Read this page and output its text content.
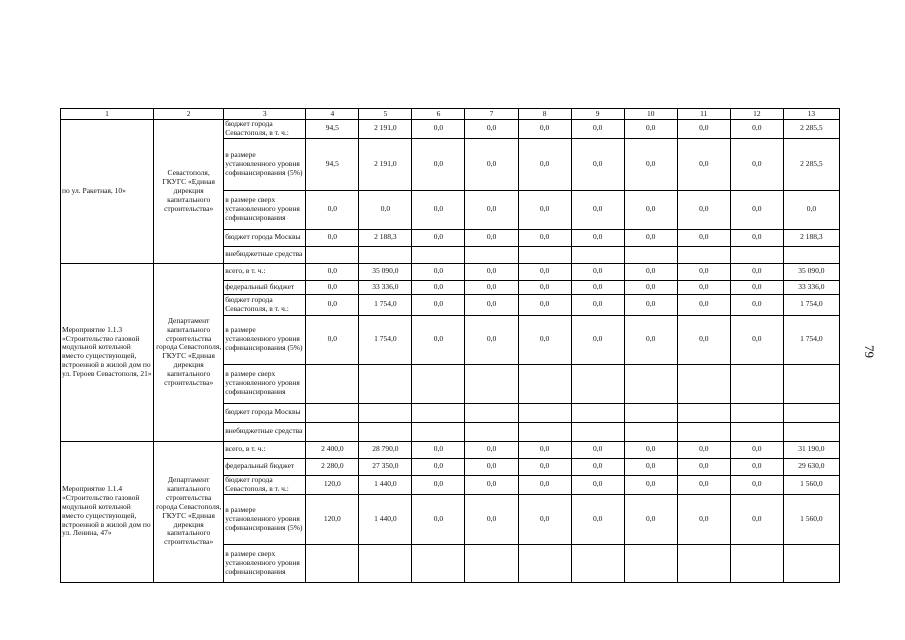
79
1	2	3	4	5	6	7	8	9	10	11	12	13
по ул. Ракетная, 10»	Севастополя, ГКУГС «Единая дирекция капитального строительства»	бюджет города Севастополя, в т. ч.:	94,5	2 191,0	0,0	0,0	0,0	0,0	0,0	0,0	0,0	2 285,5
		в размере установленного уровня софинансирования (5%)	94,5	2 191,0	0,0	0,0	0,0	0,0	0,0	0,0	0,0	2 285,5
		в размере сверх установленного уровня софинансирования	0,0	0,0	0,0	0,0	0,0	0,0	0,0	0,0	0,0	0,0
		бюджет города Москвы	0,0	2 188,3	0,0	0,0	0,0	0,0	0,0	0,0	0,0	2 188,3
		внебюджетные средства										
Мероприятие 1.1.3 «Строительство газовой модульной котельной вместо существующей, встроенной в жилой дом по ул. Героев Севастополя, 21»	Департамент капитального строительства города Севастополя, ГКУГС «Единая дирекция капитального строительства»	всего, в т. ч.:	0,0	35 090,0	0,0	0,0	0,0	0,0	0,0	0,0	0,0	35 090,0
		федеральный бюджет	0,0	33 336,0	0,0	0,0	0,0	0,0	0,0	0,0	0,0	33 336,0
		бюджет города Севастополя, в т. ч.:	0,0	1 754,0	0,0	0,0	0,0	0,0	0,0	0,0	0,0	1 754,0
		в размере установленного уровня софинансирования (5%)	0,0	1 754,0	0,0	0,0	0,0	0,0	0,0	0,0	0,0	1 754,0
		в размере сверх установленного уровня софинансирования										
		бюджет города Москвы										
		внебюджетные средства										
Мероприятие 1.1.4 «Строительство газовой модульной котельной вместо существующей, встроенной в жилой дом по ул. Ленина, 47»	Департамент капитального строительства города Севастополя, ГКУГС «Единая дирекция капитального строительства»	всего, в т. ч.:	2 400,0	28 790,0	0,0	0,0	0,0	0,0	0,0	0,0	0,0	31 190,0
		федеральный бюджет	2 280,0	27 350,0	0,0	0,0	0,0	0,0	0,0	0,0	0,0	29 630,0
		бюджет города Севастополя, в т. ч.:	120,0	1 440,0	0,0	0,0	0,0	0,0	0,0	0,0	0,0	1 560,0
		в размере установленного уровня софинансирования (5%)	120,0	1 440,0	0,0	0,0	0,0	0,0	0,0	0,0	0,0	1 560,0
		в размере сверх установленного уровня софинансирования										
